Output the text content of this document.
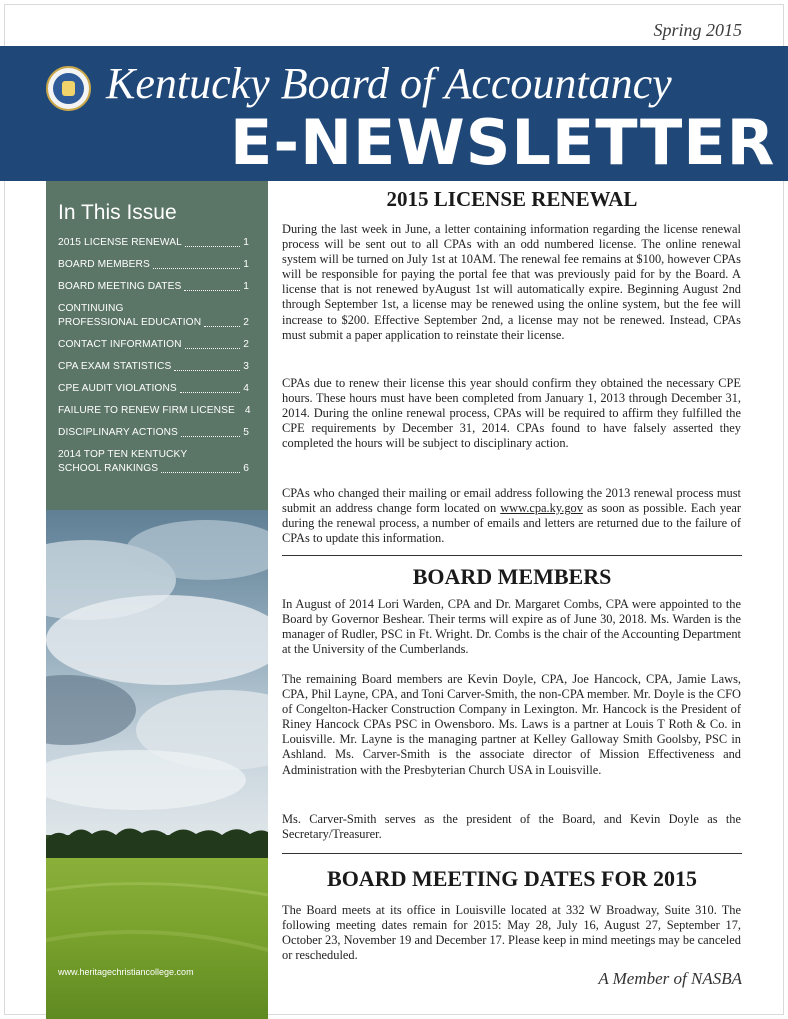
Spring 2015
Kentucky Board of Accountancy
E-NEWSLETTER
In This Issue
2015 LICENSE RENEWAL	1
BOARD MEMBERS	1
BOARD MEETING DATES	1
CONTINUING
PROFESSIONAL EDUCATION	2
CONTACT INFORMATION	2
CPA EXAM STATISTICS	3
CPE AUDIT VIOLATIONS	4
FAILURE TO RENEW FIRM LICENSE 4
DISCIPLINARY ACTIONS	5
2014 TOP TEN KENTUCKY
SCHOOL RANKINGS	6
www.heritagechristiancollege.com
2015 LICENSE RENEWAL

During the last week in June, a letter containing information regarding the license renewal process will be sent out to all CPAs with an odd numbered license. The online renewal system will be turned on July 1st at 10AM. The renewal fee remains at $100, however CPAs will be responsible for paying the portal fee that was previously paid for by the Board. A license that is not renewed byAugust 1st will automatically expire. Beginning August 2nd through September 1st, a license may be renewed using the online system, but the fee will increase to $200. Effective September 2nd, a license may not be renewed. Instead, CPAs must submit a paper application to reinstate their license.

CPAs due to renew their license this year should confirm they obtained the necessary CPE hours. These hours must have been completed from January 1, 2013 through December 31, 2014. During the online renewal process, CPAs will be required to affirm they fulfilled the CPE requirements by December 31, 2014. CPAs found to have falsely asserted they completed the hours will be subject to disciplinary action.

CPAs who changed their mailing or email address following the 2013 renewal process must submit an address change form located on www.cpa.ky.gov as soon as possible. Each year during the renewal process, a number of emails and letters are returned due to the failure of CPAs to update this information.

BOARD MEMBERS

In August of 2014 Lori Warden, CPA and Dr. Margaret Combs, CPA were appointed to the Board by Governor Beshear. Their terms will expire as of June 30, 2018. Ms. Warden is the manager of Rudler, PSC in Ft. Wright. Dr. Combs is the chair of the Accounting Department at the University of the Cumberlands.

The remaining Board members are Kevin Doyle, CPA, Joe Hancock, CPA, Jamie Laws, CPA, Phil Layne, CPA, and Toni Carver-Smith, the non-CPA member. Mr. Doyle is the CFO of Congelton-Hacker Construction Company in Lexington. Mr. Hancock is the President of Riney Hancock CPAs PSC in Owensboro. Ms. Laws is a partner at Louis T Roth & Co. in Louisville. Mr. Layne is the managing partner at Kelley Galloway Smith Goolsby, PSC in Ashland. Ms. Carver-Smith is the associate director of Mission Effectiveness and Administration with the Presbyterian Church USA in Louisville.

Ms. Carver-Smith serves as the president of the Board, and Kevin Doyle as the Secretary/Treasurer.

BOARD MEETING DATES FOR 2015

The Board meets at its office in Louisville located at 332 W Broadway, Suite 310. The following meeting dates remain for 2015: May 28, July 16, August 27, September 17, October 23, November 19 and December 17. Please keep in mind meetings may be canceled or rescheduled.

A Member of NASBA
